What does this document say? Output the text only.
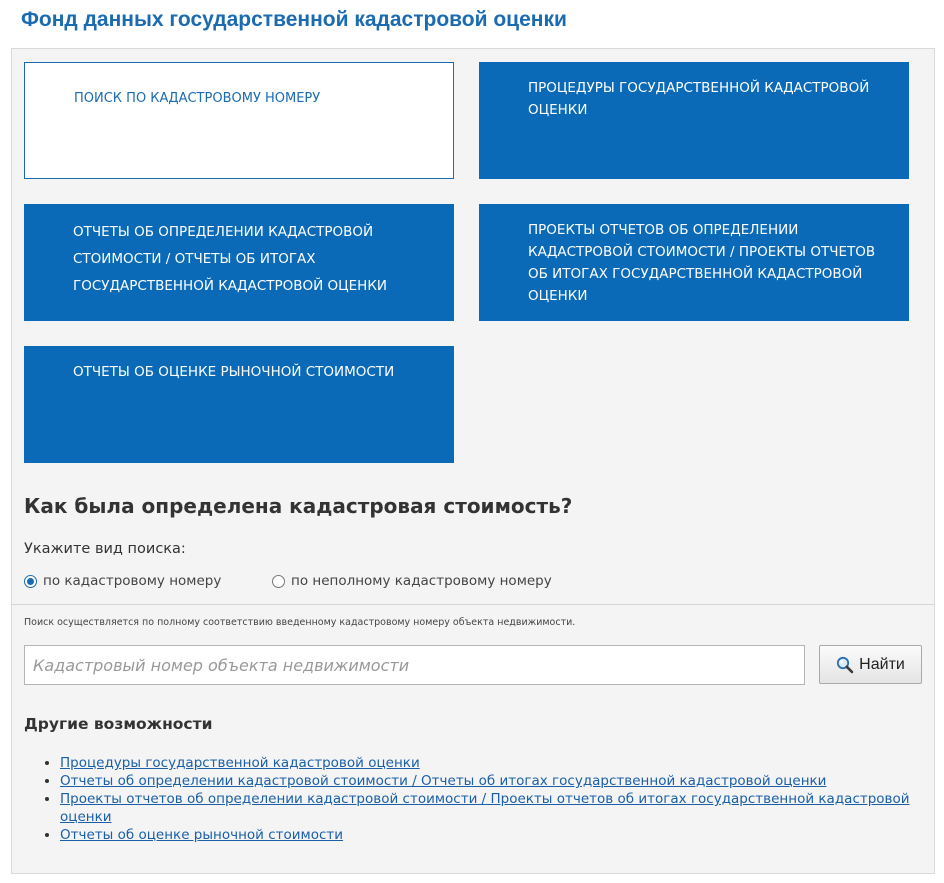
Фонд данных государственной кадастровой оценки
ПОИСК ПО КАДАСТРОВОМУ НОМЕРУ
ПРОЦЕДУРЫ ГОСУДАРСТВЕННОЙ КАДАСТРОВОЙ ОЦЕНКИ
ОТЧЕТЫ ОБ ОПРЕДЕЛЕНИИ КАДАСТРОВОЙ СТОИМОСТИ / ОТЧЕТЫ ОБ ИТОГАХ ГОСУДАРСТВЕННОЙ КАДАСТРОВОЙ ОЦЕНКИ
ПРОЕКТЫ ОТЧЕТОВ ОБ ОПРЕДЕЛЕНИИ КАДАСТРОВОЙ СТОИМОСТИ / ПРОЕКТЫ ОТЧЕТОВ ОБ ИТОГАХ ГОСУДАРСТВЕННОЙ КАДАСТРОВОЙ ОЦЕНКИ
ОТЧЕТЫ ОБ ОЦЕНКЕ РЫНОЧНОЙ СТОИМОСТИ
Как была определена кадастровая стоимость?
Укажите вид поиска:
по кадастровому номеру	по неполному кадастровому номеру
Поиск осуществляется по полному соответствию введенному кадастровому номеру объекта недвижимости.
Кадастровый номер объекта недвижимости
Найти
Другие возможности
• Процедуры государственной кадастровой оценки
• Отчеты об определении кадастровой стоимости / Отчеты об итогах государственной кадастровой оценки
• Проекты отчетов об определении кадастровой стоимости / Проекты отчетов об итогах государственной кадастровой оценки
• Отчеты об оценке рыночной стоимости
